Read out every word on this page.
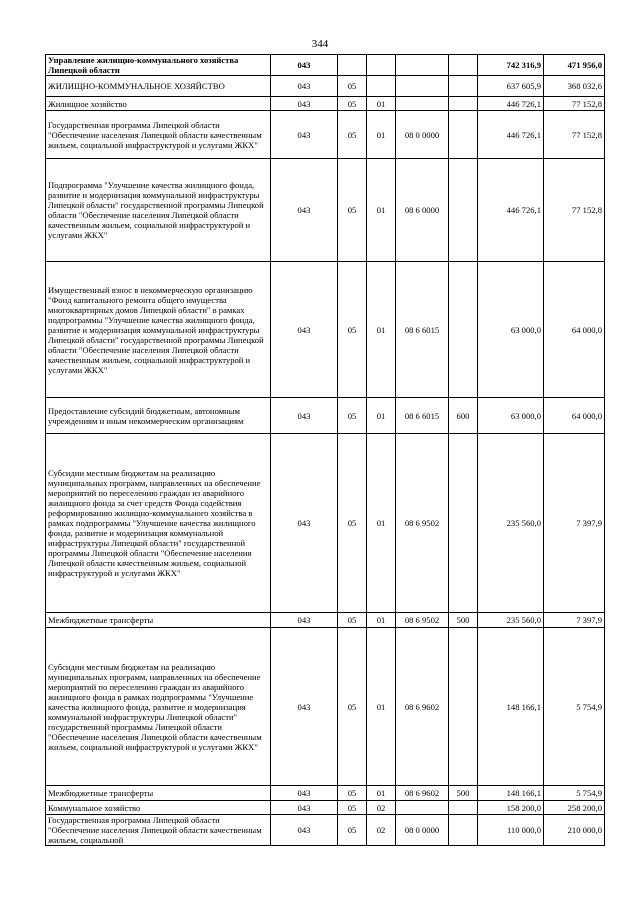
344
Управление жилищно-коммунального хозяйства Липецкой области	043					742 316,9	471 956,0
ЖИЛИЩНО-КОММУНАЛЬНОЕ ХОЗЯЙСТВО	043	05				637 605,9	368 032,6
Жилищное хозяйство	043	05	01			446 726,1	77 152,8
Государственная программа Липецкой области "Обеспечение населения Липецкой области качественным жильем, социальной инфраструктурой и услугами ЖКХ"	043	05	01	08 0 0000		446 726,1	77 152,8
Подпрограмма "Улучшение качества жилищного фонда, развитие и модернизация коммунальной инфраструктуры Липецкой области" государственной программы Липецкой области "Обеспечение населения Липецкой области качественным жильем, социальной инфраструктурой и услугами ЖКХ"	043	05	01	08 6 0000		446 726,1	77 152,8
Имущественный взнос в некоммерческую организацию "Фонд капитального ремонта общего имущества многоквартирных домов Липецкой области" в рамках подпрограммы "Улучшение качества жилищного фонда, развитие и модернизация коммунальной инфраструктуры Липецкой области" государственной программы Липецкой области "Обеспечение населения Липецкой области качественным жильем, социальной инфраструктурой и услугами ЖКХ"	043	05	01	08 6 6015		63 000,0	64 000,0
Предоставление субсидий бюджетным, автономным учреждениям и иным некоммерческим организациям	043	05	01	08 6 6015	600	63 000,0	64 000,0
Субсидии местным бюджетам на реализацию муниципальных программ, направленных на обеспечение мероприятий по переселению граждан из аварийного жилищного фонда за счет средств Фонда содействия реформированию жилищно-коммунального хозяйства в рамках подпрограммы "Улучшение качества жилищного фонда, развитие и модернизация коммунальной инфраструктуры Липецкой области" государственной программы Липецкой области "Обеспечение населения Липецкой области качественным жильем, социальной инфраструктурой и услугами ЖКХ"	043	05	01	08 6 9502		235 560,0	7 397,9
Межбюджетные трансферты	043	05	01	08 6 9502	500	235 560,0	7 397,9
Субсидии местным бюджетам на реализацию муниципальных программ, направленных на обеспечение мероприятий по переселению граждан из аварийного жилищного фонда в рамках подпрограммы "Улучшение качества жилищного фонда, развитие и модернизация коммунальной инфраструктуры Липецкой области" государственной программы Липецкой области "Обеспечение населения Липецкой области качественным жильем, социальной инфраструктурой и услугами ЖКХ"	043	05	01	08 6 9602		148 166,1	5 754,9
Межбюджетные трансферты	043	05	01	08 6 9602	500	148 166,1	5 754,9
Коммунальное хозяйство	043	05	02			158 200,0	258 200,0
Государственная программа Липецкой области "Обеспечение населения Липецкой области качественным жильем, социальной	043	05	02	08 0 0000		110 000,0	210 000,0
